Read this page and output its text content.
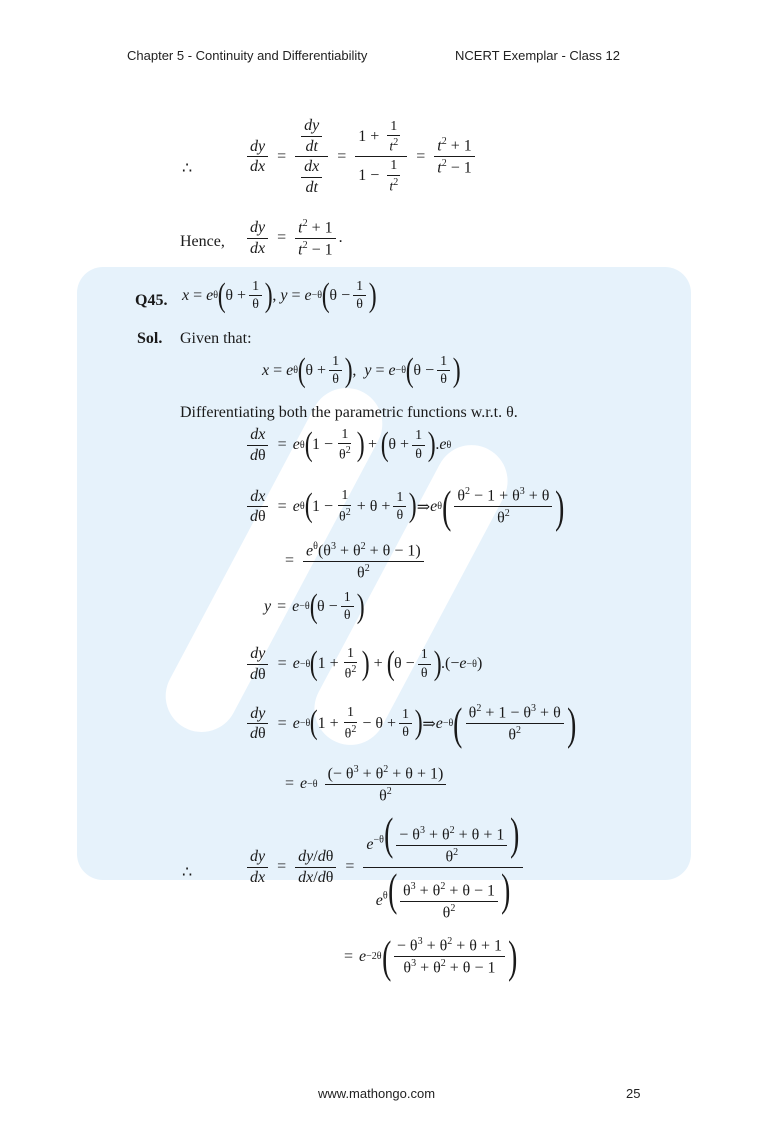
Chapter 5 - Continuity and Differentiability	NCERT Exemplar - Class 12
∴	$\frac{dy}{dx}$ =
$\frac{dy}{dt}$
$\frac{dx}{dt}$
= $\frac{1 + \frac{1}{t^2}}{1 - \frac{1}{t^2}} = \frac{t^2 + 1}{t^2 - 1}$
Hence, $\frac{dy}{dx} = \frac{t^2 + 1}{t^2 - 1}$ .
Q45. x = e θ ( θ +
1
θ ) , y = e −θ ( θ −
1
θ )
Sol. Given that:
x = e θ ( θ +
1
θ ) , y = e −θ ( θ −
1
θ )
Differentiating both the parametric functions w.r.t. θ.
$\frac{dx}{d\theta} = e$ θ ( 1 −
1
$\theta^2$ ) + ( θ +
1
θ ) . e θ
$\frac{dx}{d\theta} = e$ θ ( 1 −
1
$\theta^2 + \theta$ +
1
θ ) ⇒ e θ ( $\theta^2 - 1 + \theta^3 + \theta$
$\theta^2$ )
= $\frac{e^\theta(\theta^3 + \theta^2 + \theta - 1)}{\theta^2}$
y = e −θ ( θ −
1
θ )
$\frac{dy}{d\theta} = e -\theta$ ( 1 +
1
$\theta^2$ ) + ( θ −
1
θ ) .(− e −θ )
$\frac{dy}{d\theta} = e -\theta$ ( 1 +
1
$\theta^2 - \theta$ +
1
θ ) ⇒ e −θ ( $\theta^2 + 1 - \theta^3 + \theta$
$\theta^2$ )
= e −θ

(− $\theta^3 + \theta^2 + \theta + 1$)
$\theta^2$
∴	$\frac{dy}{dx} = \frac{dy/d\theta}{dx/d\theta} = \frac{e^{-\theta}( \frac{- \theta^3 + \theta^2 + \theta + 1}{\theta^2} )}{e^\theta( \frac{\theta^3 + \theta^2 + \theta - 1}{\theta^2} )}$
= e −2θ ( − $\theta^3 + \theta^2 + \theta + 1$
$\theta^3 + \theta^2 + \theta - 1$ )
www.mathongo.com	25
